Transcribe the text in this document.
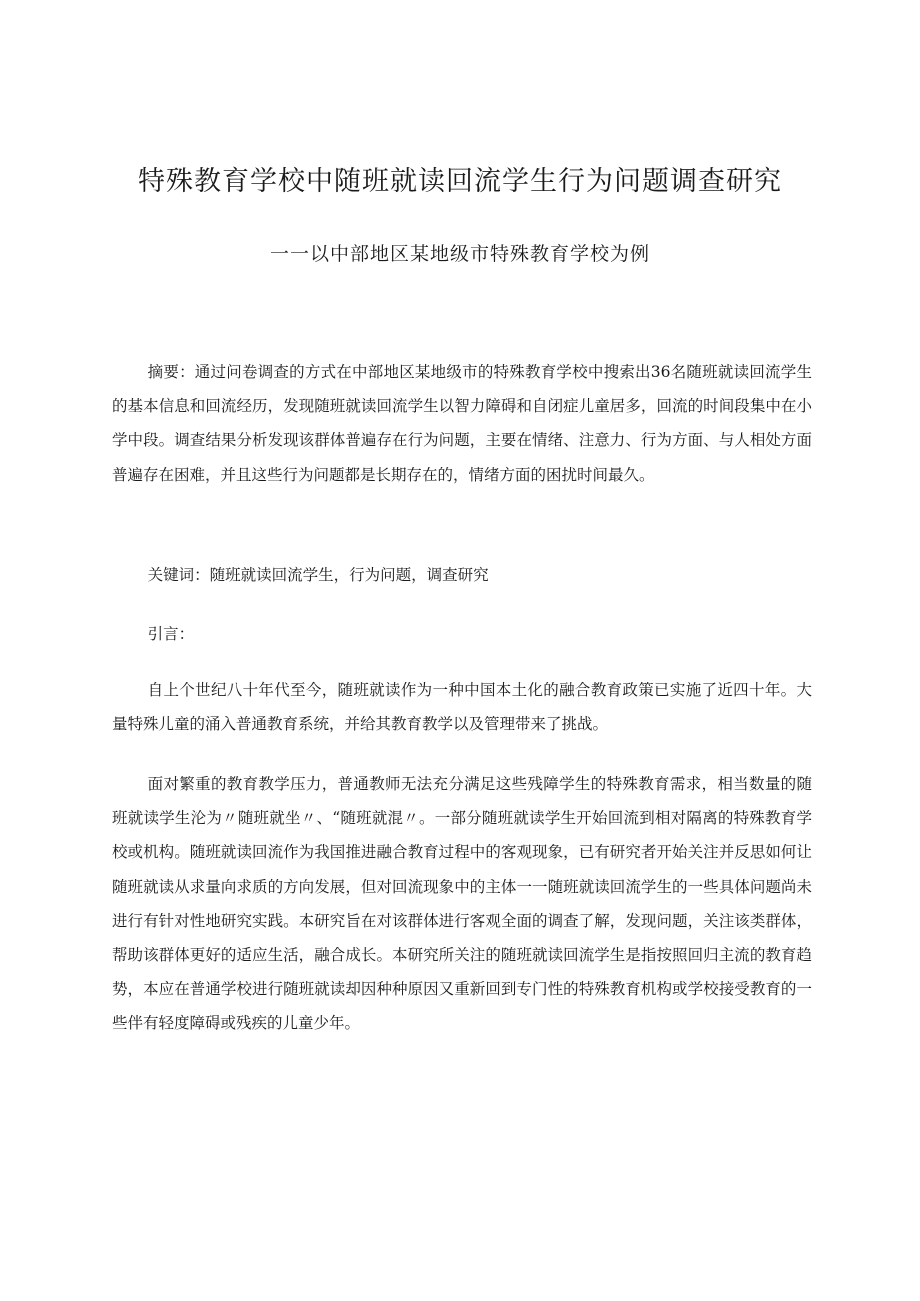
特殊教育学校中随班就读回流学生行为问题调查研究
一一以中部地区某地级市特殊教育学校为例

摘要：通过问卷调查的方式在中部地区某地级市的特殊教育学校中搜索出36名随班就读回流学生的基本信息和回流经历，发现随班就读回流学生以智力障碍和自闭症儿童居多，回流的时间段集中在小学中段。调查结果分析发现该群体普遍存在行为问题，主要在情绪、注意力、行为方面、与人相处方面普遍存在困难，并且这些行为问题都是长期存在的，情绪方面的困扰时间最久。

关键词：随班就读回流学生，行为问题，调查研究

引言：

自上个世纪八十年代至今，随班就读作为一种中国本土化的融合教育政策已实施了近四十年。大量特殊儿童的涌入普通教育系统，并给其教育教学以及管理带来了挑战。

面对繁重的教育教学压力，普通教师无法充分满足这些残障学生的特殊教育需求，相当数量的随班就读学生沦为〃随班就坐〃、“随班就混〃。一部分随班就读学生开始回流到相对隔离的特殊教育学校或机构。随班就读回流作为我国推进融合教育过程中的客观现象，已有研究者开始关注并反思如何让随班就读从求量向求质的方向发展，但对回流现象中的主体一一随班就读回流学生的一些具体问题尚未进行有针对性地研究实践。本研究旨在对该群体进行客观全面的调查了解，发现问题，关注该类群体，帮助该群体更好的适应生活，融合成长。本研究所关注的随班就读回流学生是指按照回归主流的教育趋势，本应在普通学校进行随班就读却因种种原因又重新回到专门性的特殊教育机构或学校接受教育的一些伴有轻度障碍或残疾的儿童少年。
